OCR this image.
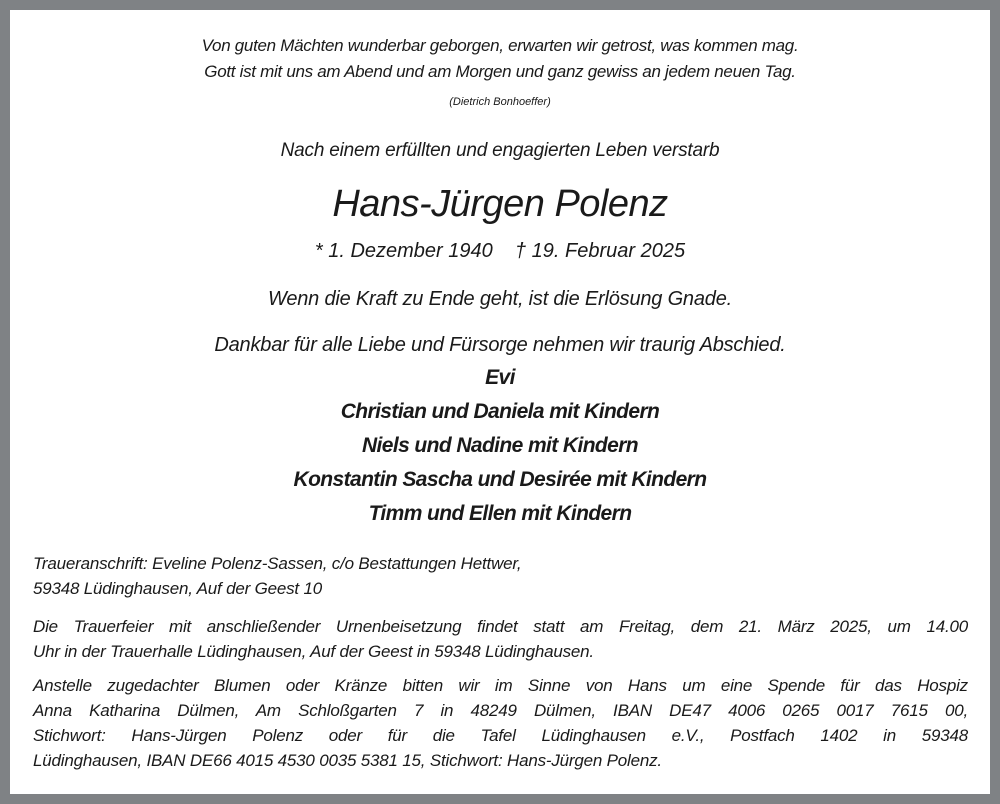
Von guten Mächten wunderbar geborgen, erwarten wir getrost, was kommen mag.
Gott ist mit uns am Abend und am Morgen und ganz gewiss an jedem neuen Tag.
(Dietrich Bonhoeffer)
Nach einem erfüllten und engagierten Leben verstarb
Hans-Jürgen Polenz
* 1. Dezember 1940 † 19. Februar 2025
Wenn die Kraft zu Ende geht, ist die Erlösung Gnade.
Dankbar für alle Liebe und Fürsorge nehmen wir traurig Abschied.
Evi
Christian und Daniela mit Kindern
Niels und Nadine mit Kindern
Konstantin Sascha und Desirée mit Kindern
Timm und Ellen mit Kindern
Traueranschrift: Eveline Polenz-Sassen, c/o Bestattungen Hettwer,
59348 Lüdinghausen, Auf der Geest 10
Die Trauerfeier mit anschließender Urnenbeisetzung findet statt am Freitag, dem 21. März 2025, um 14.00
Uhr in der Trauerhalle Lüdinghausen, Auf der Geest in 59348 Lüdinghausen.
Anstelle zugedachter Blumen oder Kränze bitten wir im Sinne von Hans um eine Spende für das Hospiz
Anna Katharina Dülmen, Am Schloßgarten 7 in 48249 Dülmen, IBAN DE47 4006 0265 0017 7615 00,
Stichwort: Hans-Jürgen Polenz oder für die Tafel Lüdinghausen e.V., Postfach 1402 in 59348
Lüdinghausen, IBAN DE66 4015 4530 0035 5381 15, Stichwort: Hans-Jürgen Polenz.
